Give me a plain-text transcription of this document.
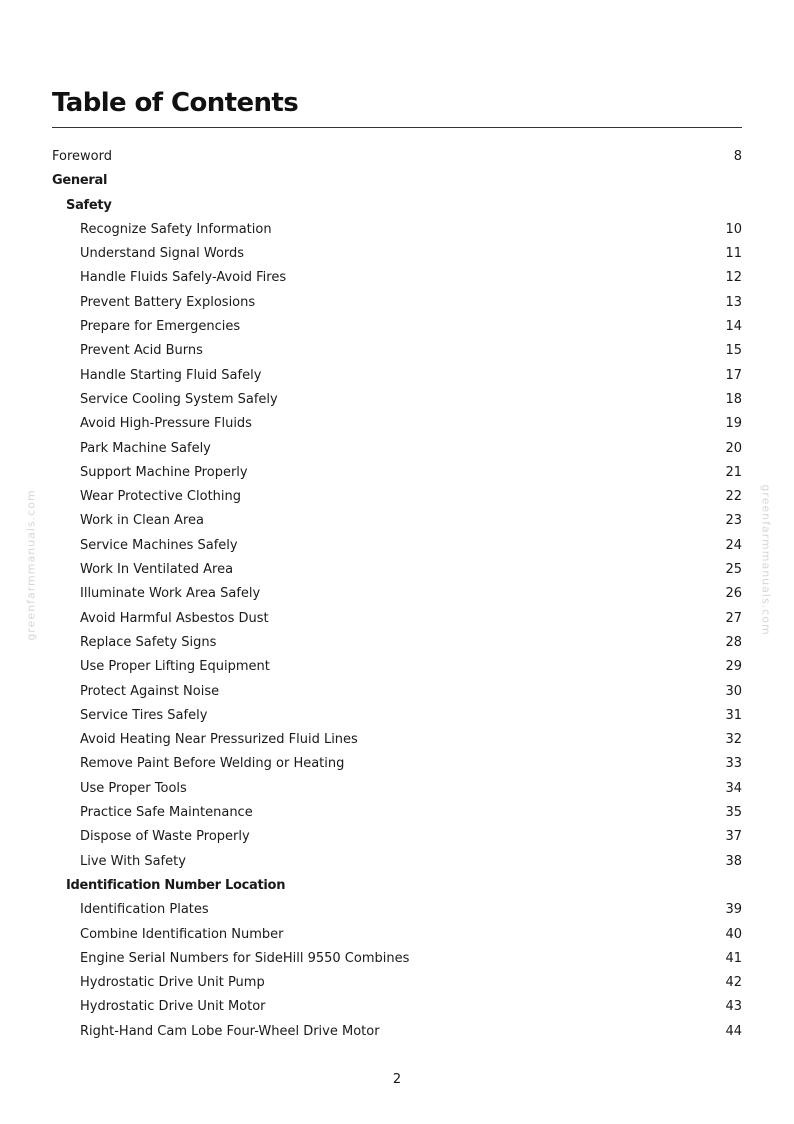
Table of Contents
Foreword	8
General
Safety
Recognize Safety Information	10
Understand Signal Words	11
Handle Fluids Safely-Avoid Fires	12
Prevent Battery Explosions	13
Prepare for Emergencies	14
Prevent Acid Burns	15
Handle Starting Fluid Safely	17
Service Cooling System Safely	18
Avoid High-Pressure Fluids	19
Park Machine Safely	20
Support Machine Properly	21
Wear Protective Clothing	22
Work in Clean Area	23
Service Machines Safely	24
Work In Ventilated Area	25
Illuminate Work Area Safely	26
Avoid Harmful Asbestos Dust	27
Replace Safety Signs	28
Use Proper Lifting Equipment	29
Protect Against Noise	30
Service Tires Safely	31
Avoid Heating Near Pressurized Fluid Lines	32
Remove Paint Before Welding or Heating	33
Use Proper Tools	34
Practice Safe Maintenance	35
Dispose of Waste Properly	37
Live With Safety	38
Identification Number Location
Identification Plates	39
Combine Identification Number	40
Engine Serial Numbers for SideHill 9550 Combines	41
Hydrostatic Drive Unit Pump	42
Hydrostatic Drive Unit Motor	43
Right-Hand Cam Lobe Four-Wheel Drive Motor	44
2
greenfarmmanuals.com	greenfarmmanuals.com
